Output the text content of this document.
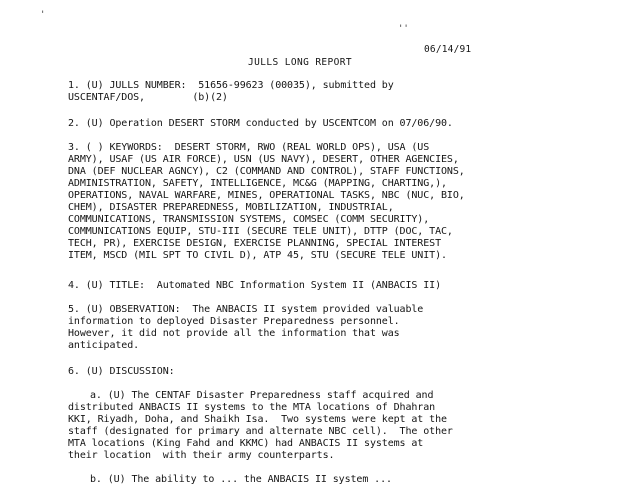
'
''
06/14/91
JULLS LONG REPORT
1. (U) JULLS NUMBER:  51656-99623 (00035), submitted by
USCENTAF/DOS,        (b)(2)
2. (U) Operation DESERT STORM conducted by USCENTCOM on 07/06/90.
3. ( ) KEYWORDS:  DESERT STORM, RWO (REAL WORLD OPS), USA (US
ARMY), USAF (US AIR FORCE), USN (US NAVY), DESERT, OTHER AGENCIES,
DNA (DEF NUCLEAR AGNCY), C2 (COMMAND AND CONTROL), STAFF FUNCTIONS,
ADMINISTRATION, SAFETY, INTELLIGENCE, MC&G (MAPPING, CHARTING,),
OPERATIONS, NAVAL WARFARE, MINES, OPERATIONAL TASKS, NBC (NUC, BIO,
CHEM), DISASTER PREPAREDNESS, MOBILIZATION, INDUSTRIAL,
COMMUNICATIONS, TRANSMISSION SYSTEMS, COMSEC (COMM SECURITY),
COMMUNICATIONS EQUIP, STU-III (SECURE TELE UNIT), DTTP (DOC, TAC,
TECH, PR), EXERCISE DESIGN, EXERCISE PLANNING, SPECIAL INTEREST
ITEM, MSCD (MIL SPT TO CIVIL D), ATP 45, STU (SECURE TELE UNIT).
4. (U) TITLE:  Automated NBC Information System II (ANBACIS II)
5. (U) OBSERVATION:  The ANBACIS II system provided valuable
information to deployed Disaster Preparedness personnel.
However, it did not provide all the information that was
anticipated.
6. (U) DISCUSSION:
a. (U) The CENTAF Disaster Preparedness staff acquired and
distributed ANBACIS II systems to the MTA locations of Dhahran
KKI, Riyadh, Doha, and Shaikh Isa.  Two systems were kept at the
staff (designated for primary and alternate NBC cell).  The other
MTA locations (King Fahd and KKMC) had ANBACIS II systems at
their location  with their army counterparts.
b. (U) The ability to ... the ANBACIS II system ...
